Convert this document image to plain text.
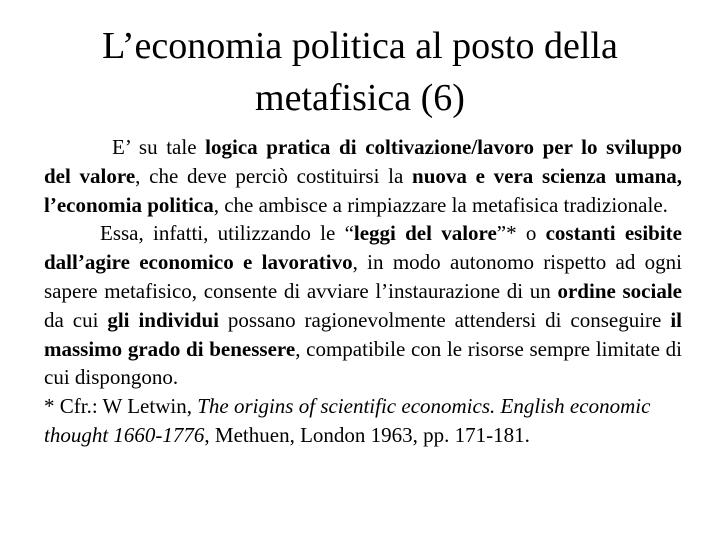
L’economia politica al posto della
metafisica (6)

E’ su tale logica pratica di coltivazione/lavoro per lo sviluppo del valore, che deve perciò costituirsi la nuova e vera scienza umana, l’economia politica, che ambisce a rimpiazzare la metafisica tradizionale.

Essa, infatti, utilizzando le “leggi del valore”* o costanti esibite dall’agire economico e lavorativo, in modo autonomo rispetto ad ogni sapere metafisico, consente di avviare l’instaurazione di un ordine sociale da cui gli individui possano ragionevolmente attendersi di conseguire il massimo grado di benessere, compatibile con le risorse sempre limitate di cui dispongono.

* Cfr.: W Letwin, The origins of scientific economics. English economic thought 1660-1776, Methuen, London 1963, pp. 171-181.
